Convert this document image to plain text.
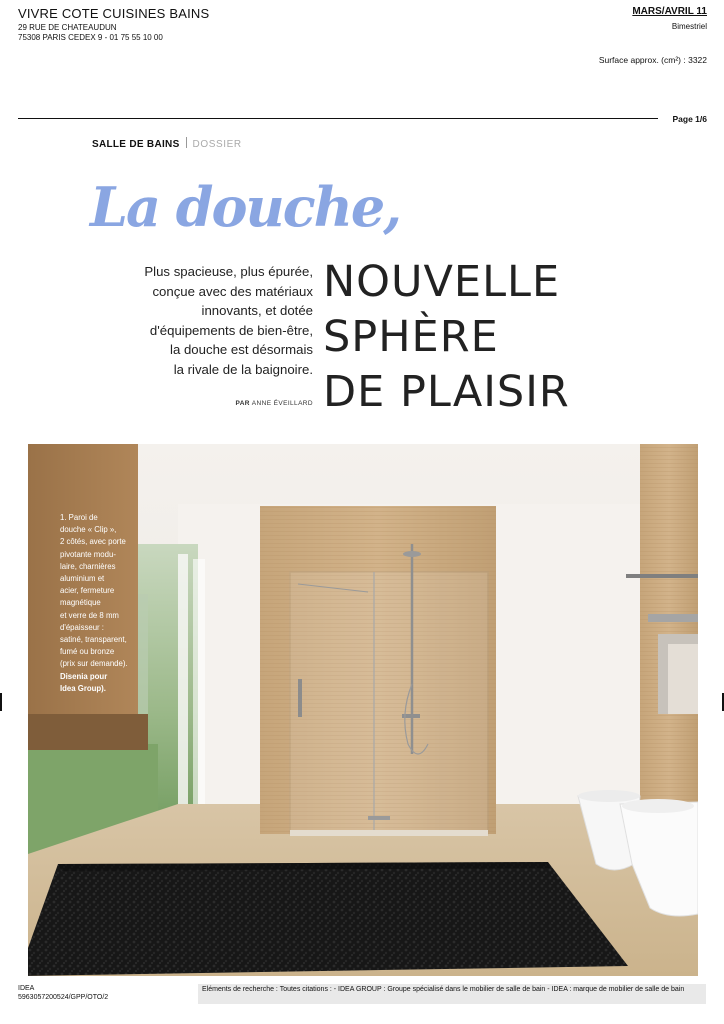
VIVRE COTE CUISINES BAINS
29 RUE DE CHATEAUDUN
75308 PARIS CEDEX 9 - 01 75 55 10 00
MARS/AVRIL 11
Bimestriel
Surface approx. (cm²) : 3322
Page 1/6
SALLE DE BAINS DOSSIER
La douche,
Plus spacieuse, plus épurée,
conçue avec des matériaux
innovants, et dotée
d'équipements de bien-être,
la douche est désormais
la rivale de la baignoire.
PAR ANNE ÉVEILLARD
NOUVELLE
SPHÈRE
DE PLAISIR
1. Paroi de
douche « Clip »,
2 côtés, avec porte
pivotante modu-
laire, charnières
aluminium et
acier, fermeture
magnétique
et verre de 8 mm
d'épaisseur :
satiné, transparent,
fumé ou bronze
(prix sur demande).
Disenia pour
Idea Group).
IDEA
5963057200524/GPP/OTO/2
Eléments de recherche : Toutes citations : - IDEA GROUP : Groupe spécialisé dans le mobilier de salle de bain - IDEA : marque de mobilier de salle de bain
